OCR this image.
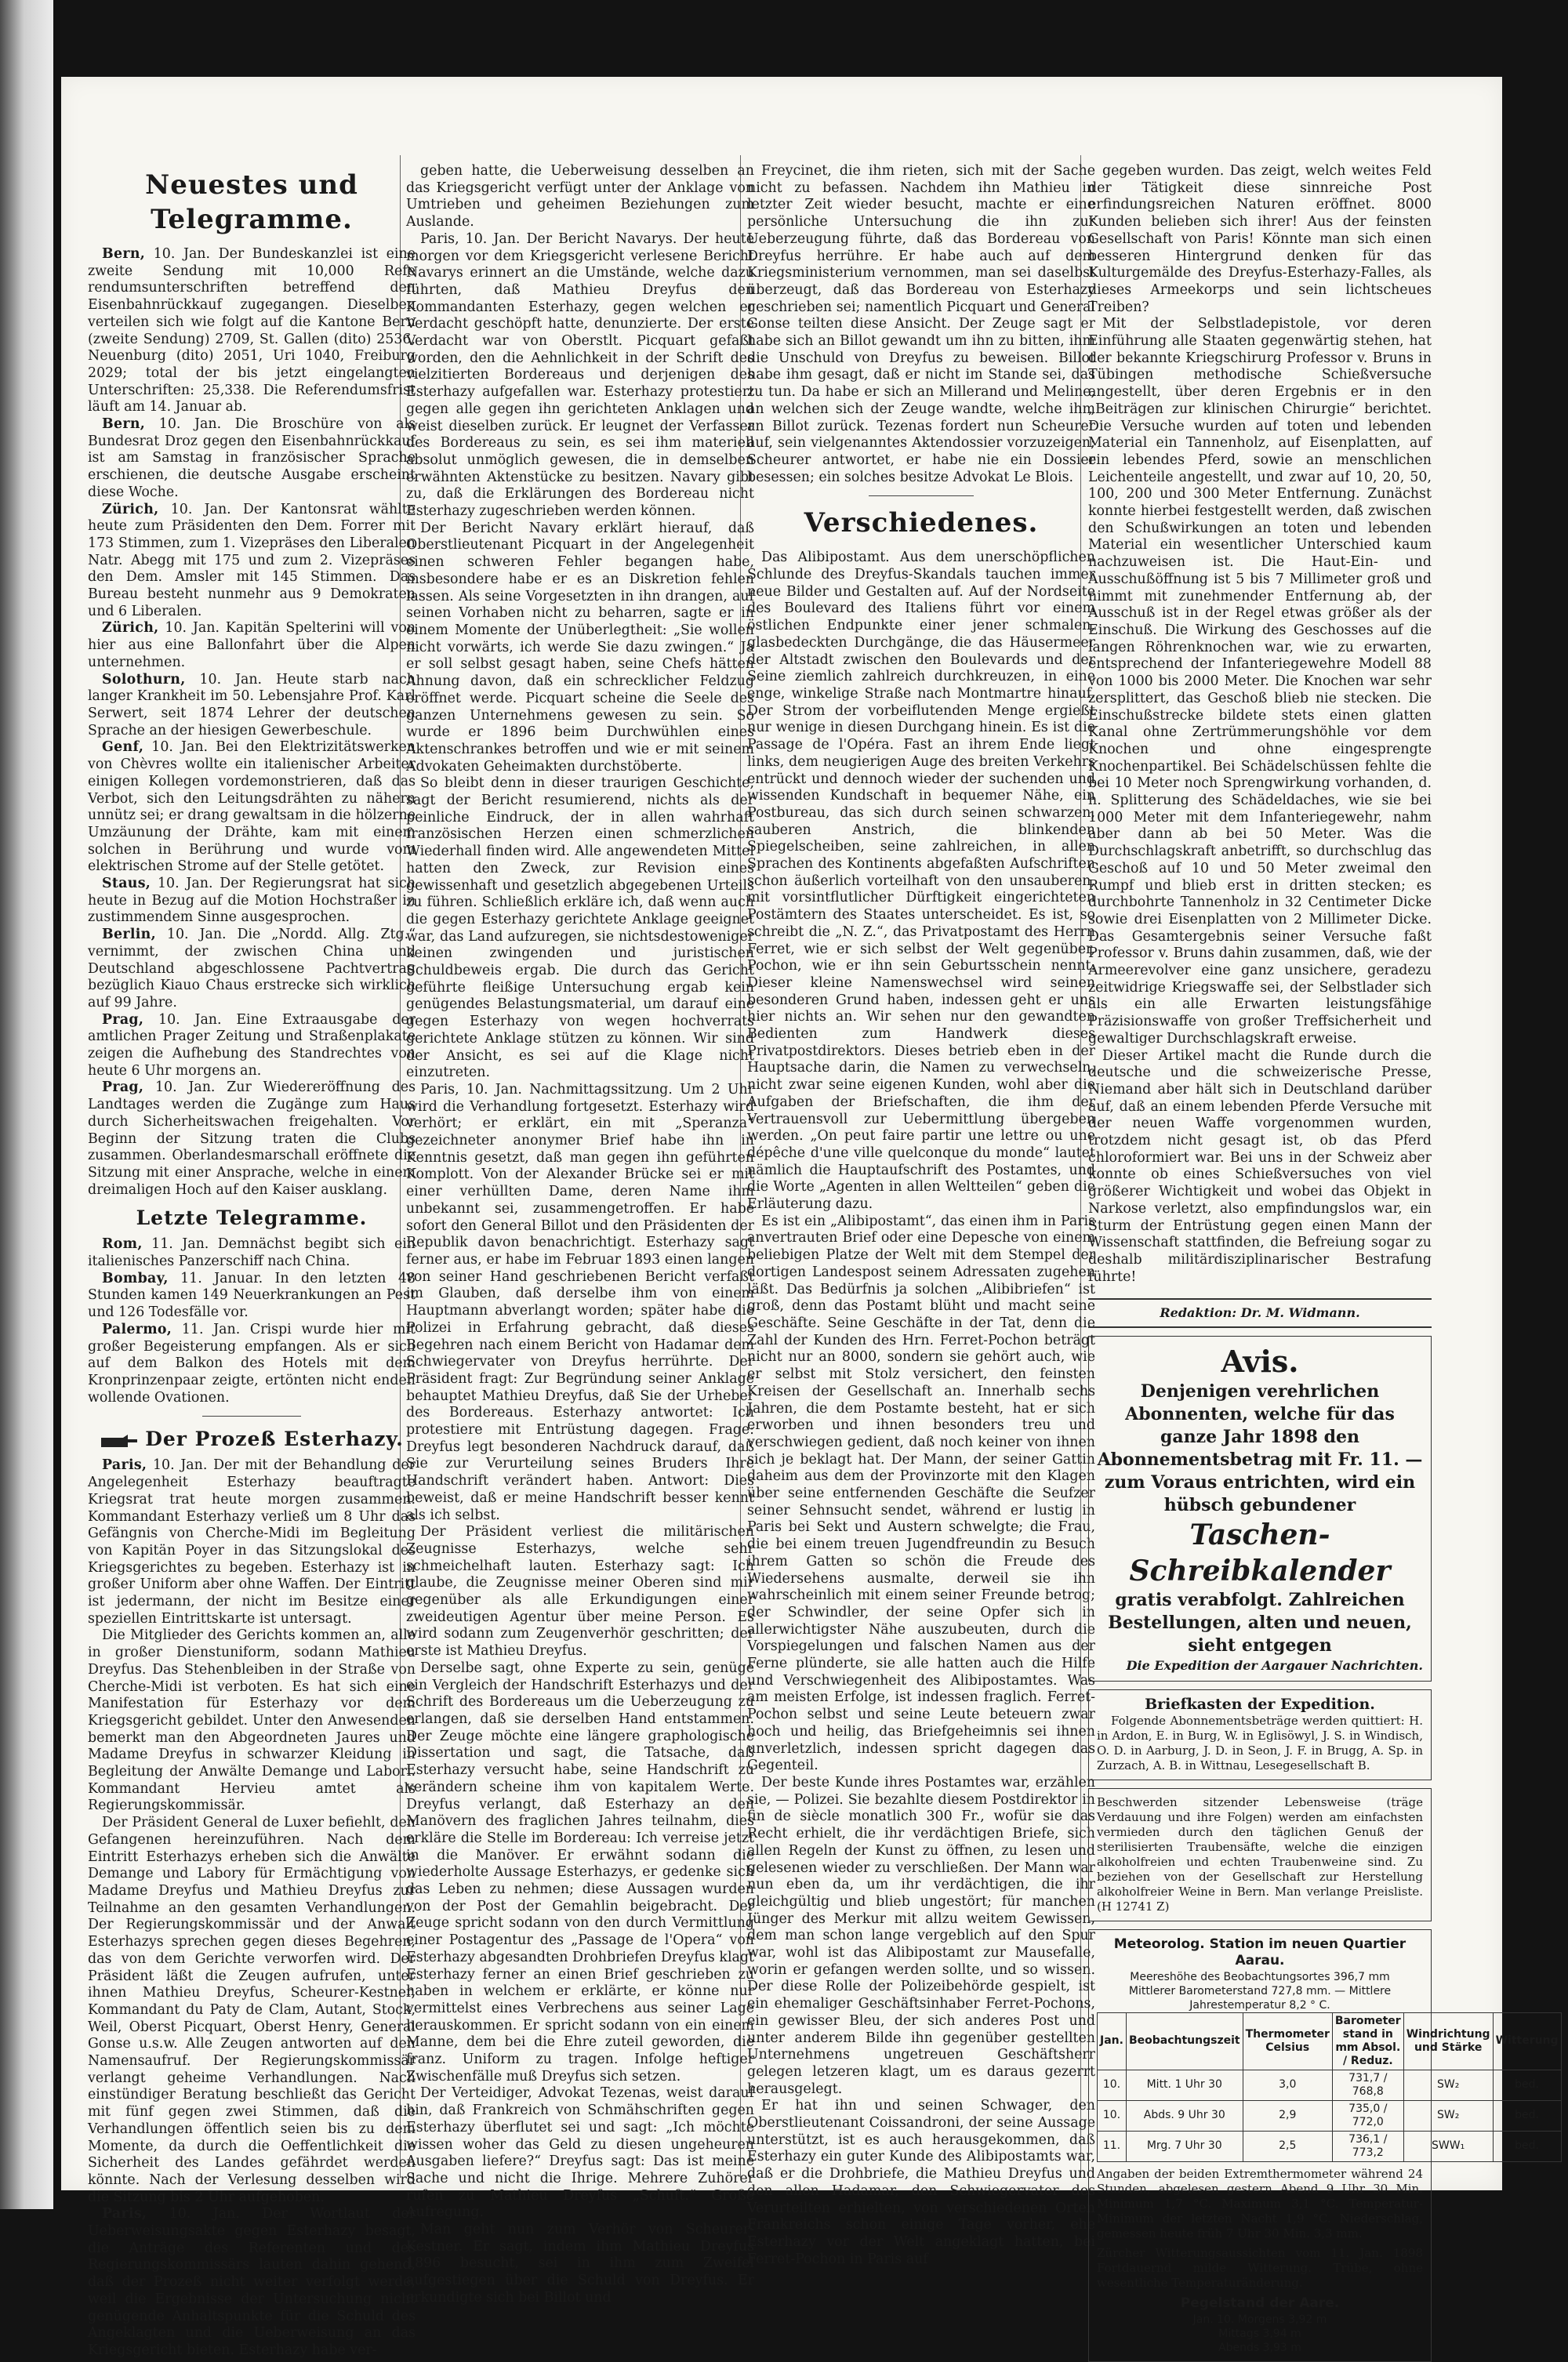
Neuestes und Telegramme.

Bern, 10. Jan. Der Bundeskanzlei ist eine zweite Sendung mit 10,000 Refe rendumsunterschriften betreffend den Eisenbahnrückkauf zugegangen. Dieselben verteilen sich wie folgt auf die Kantone Bern (zweite Sendung) 2709, St. Gallen (dito) 2536, Neuenburg (dito) 2051, Uri 1040, Freiburg 2029; total der bis jetzt eingelangten Unterschriften: 25,338. Die Referendumsfrist läuft am 14. Januar ab.

Bern, 10. Jan. Die Broschüre von als Bundesrat Droz gegen den Eisenbahnrückkauf ist am Samstag in französischer Sprache erschienen, die deutsche Ausgabe erscheint diese Woche.

Zürich, 10. Jan. Der Kantonsrat wählte heute zum Präsidenten den Dem. Forrer mit 173 Stimmen, zum 1. Vizepräses den Liberalen Natr. Abegg mit 175 und zum 2. Vizepräses den Dem. Amsler mit 145 Stimmen. Das Bureau besteht nunmehr aus 9 Demokraten und 6 Liberalen.

Zürich, 10. Jan. Kapitän Spelterini will von hier aus eine Ballonfahrt über die Alpen unternehmen.

Solothurn, 10. Jan. Heute starb nach langer Krankheit im 50. Lebensjahre Prof. Karl Serwert, seit 1874 Lehrer der deutschen Sprache an der hiesigen Gewerbeschule.

Genf, 10. Jan. Bei den Elektrizitätswerken von Chèvres wollte ein italienischer Arbeiter einigen Kollegen vordemonstrieren, daß das Verbot, sich den Leitungsdrähten zu nähern unnütz sei; er drang gewaltsam in die hölzerne Umzäunung der Drähte, kam mit einem solchen in Berührung und wurde vom elektrischen Strome auf der Stelle getötet.

Staus, 10. Jan. Der Regierungsrat hat sich heute in Bezug auf die Motion Hochstraßer in zustimmendem Sinne ausgesprochen.

Berlin, 10. Jan. Die „Nordd. Allg. Ztg.“ vernimmt, der zwischen China und Deutschland abgeschlossene Pachtvertrag bezüglich Kiauo Chaus erstrecke sich wirklich auf 99 Jahre.

Prag, 10. Jan. Eine Extraausgabe der amtlichen Prager Zeitung und Straßenplakate zeigen die Aufhebung des Standrechtes von heute 6 Uhr morgens an.

Prag, 10. Jan. Zur Wiedereröffnung des Landtages werden die Zugänge zum Haus durch Sicherheitswachen freigehalten. Vor Beginn der Sitzung traten die Clubs zusammen. Oberlandesmarschall eröffnete die Sitzung mit einer Ansprache, welche in einem dreimaligen Hoch auf den Kaiser ausklang.

Letzte Telegramme.

Rom, 11. Jan. Demnächst begibt sich ein italienisches Panzerschiff nach China.

Bombay, 11. Januar. In den letzten 48 Stunden kamen 149 Neuerkrankungen an Pest und 126 Todesfälle vor.

Palermo, 11. Jan. Crispi wurde hier mit großer Begeisterung empfangen. Als er sich auf dem Balkon des Hotels mit dem Kronprinzenpaar zeigte, ertönten nicht enden wollende Ovationen.

Der Prozeß Esterhazy.

Paris, 10. Jan. Der mit der Behandlung der Angelegenheit Esterhazy beauftragte Kriegsrat trat heute morgen zusammen. Kommandant Esterhazy verließ um 8 Uhr das Gefängnis von Cherche-Midi im Begleitung von Kapitän Poyer in das Sitzungslokal des Kriegsgerichtes zu begeben. Esterhazy ist in großer Uniform aber ohne Waffen. Der Eintritt ist jedermann, der nicht im Besitze einer speziellen Eintrittskarte ist untersagt.

Die Mitglieder des Gerichts kommen an, alle in großer Dienstuniform, sodann Mathieu Dreyfus. Das Stehenbleiben in der Straße von Cherche-Midi ist verboten. Es hat sich eine Manifestation für Esterhazy vor dem Kriegsgericht gebildet. Unter den Anwesenden bemerkt man den Abgeordneten Jaures und Madame Dreyfus in schwarzer Kleidung in Begleitung der Anwälte Demange und Labori. Kommandant Hervieu amtet als Regierungskommissär.

Der Präsident General de Luxer befiehlt, den Gefangenen hereinzuführen. Nach dem Eintritt Esterhazys erheben sich die Anwälte Demange und Labory für Ermächtigung von Madame Dreyfus und Mathieu Dreyfus zur Teilnahme an den gesamten Verhandlungen. Der Regierungskommissär und der Anwalt Esterhazys sprechen gegen dieses Begehren, das von dem Gerichte verworfen wird. Der Präsident läßt die Zeugen aufrufen, unter ihnen Mathieu Dreyfus, Scheurer-Kestner, Kommandant du Paty de Clam, Autant, Stock, Weil, Oberst Picquart, Oberst Henry, General Gonse u.s.w. Alle Zeugen antworten auf den Namensaufruf. Der Regierungskommissär verlangt geheime Verhandlungen. Nach einstündiger Beratung beschließt das Gericht mit fünf gegen zwei Stimmen, daß die Verhandlungen öffentlich seien bis zu dem Momente, da durch die Oeffentlichkeit die Sicherheit des Landes gefährdet werden könnte. Nach der Verlesung desselben wird die Sitzung bis 2 Uhr aufgehoben.

Paris, 10. Jan. Der Wortlaut der Ueberweisungsakte gegen Esterhazy besagt, die Anträge des Referenten und des Regierungskommissärs lauten dahin gehend, daß der Prozeß nicht weiter verfolgt werde, weil die Ergebnisse der Untersuchung nicht genügende Anhaltspunkte für die Schuld des Angeklagten und die Ueberweisung an das Kriegsgericht bieten. Esterhazy habe ver-

geben hatte, die Ueberweisung desselben an das Kriegsgericht verfügt unter der Anklage von Umtrieben und geheimen Beziehungen zum Auslande.

Paris, 10. Jan. Der Bericht Navarys. Der heute morgen vor dem Kriegsgericht verlesene Bericht Navarys erinnert an die Umstände, welche dazu führten, daß Mathieu Dreyfus den Kommandanten Esterhazy, gegen welchen er Verdacht geschöpft hatte, denunzierte. Der erste Verdacht war von Oberstlt. Picquart gefaßt worden, den die Aehnlichkeit in der Schrift des vielzitierten Bordereaus und derjenigen des Esterhazy aufgefallen war. Esterhazy protestiert gegen alle gegen ihn gerichteten Anklagen und weist dieselben zurück. Er leugnet der Verfasser des Bordereaus zu sein, es sei ihm materiell absolut unmöglich gewesen, die in demselben erwähnten Aktenstücke zu besitzen. Navary gibt zu, daß die Erklärungen des Bordereau nicht Esterhazy zugeschrieben werden können.

Der Bericht Navary erklärt hierauf, daß Oberstlieutenant Picquart in der Angelegenheit einen schweren Fehler begangen habe, insbesondere habe er es an Diskretion fehlen lassen. Als seine Vorgesetzten in ihn drangen, auf seinen Vorhaben nicht zu beharren, sagte er in einem Momente der Unüberlegtheit: „Sie wollen nicht vorwärts, ich werde Sie dazu zwingen.“ Ja er soll selbst gesagt haben, seine Chefs hätten Ahnung davon, daß ein schrecklicher Feldzug eröffnet werde. Picquart scheine die Seele des ganzen Unternehmens gewesen zu sein. So wurde er 1896 beim Durchwühlen eines Aktenschrankes betroffen und wie er mit seinem Advokaten Geheimakten durchstöberte.

So bleibt denn in dieser traurigen Geschichte, sagt der Bericht resumierend, nichts als der peinliche Eindruck, der in allen wahrhaft französischen Herzen einen schmerzlichen Wiederhall finden wird. Alle angewendeten Mittel hatten den Zweck, zur Revision eines gewissenhaft und gesetzlich abgegebenen Urteils zu führen. Schließlich erkläre ich, daß wenn auch die gegen Esterhazy gerichtete Anklage geeignet war, das Land aufzuregen, sie nichtsdestoweniger keinen zwingenden und juristischen Schuldbeweis ergab. Die durch das Gericht geführte fleißige Untersuchung ergab kein genügendes Belastungsmaterial, um darauf eine gegen Esterhazy von wegen hochverrats gerichtete Anklage stützen zu können. Wir sind der Ansicht, es sei auf die Klage nicht einzutreten.

Paris, 10. Jan. Nachmittagssitzung. Um 2 Uhr wird die Verhandlung fortgesetzt. Esterhazy wird verhört; er erklärt, ein mit „Speranza“ gezeichneter anonymer Brief habe ihn in Kenntnis gesetzt, daß man gegen ihn geführten Komplott. Von der Alexander Brücke sei er mit einer verhüllten Dame, deren Name ihm unbekannt sei, zusammengetroffen. Er habe sofort den General Billot und den Präsidenten der Republik davon benachrichtigt. Esterhazy sagt ferner aus, er habe im Februar 1893 einen langen von seiner Hand geschriebenen Bericht verfaßt im Glauben, daß derselbe ihm von einem Hauptmann abverlangt worden; später habe die Polizei in Erfahrung gebracht, daß dieses Begehren nach einem Bericht von Hadamar dem Schwiegervater von Dreyfus herrührte. Der Präsident fragt: Zur Begründung seiner Anklage behauptet Mathieu Dreyfus, daß Sie der Urheber des Bordereaus. Esterhazy antwortet: Ich protestiere mit Entrüstung dagegen. Frage: Dreyfus legt besonderen Nachdruck darauf, daß Sie zur Verurteilung seines Bruders Ihre Handschrift verändert haben. Antwort: Dies beweist, daß er meine Handschrift besser kennt als ich selbst.

Der Präsident verliest die militärischen Zeugnisse Esterhazys, welche sehr schmeichelhaft lauten. Esterhazy sagt: Ich glaube, die Zeugnisse meiner Oberen sind mir gegenüber als alle Erkundigungen einer zweideutigen Agentur über meine Person. Es wird sodann zum Zeugenverhör geschritten; der erste ist Mathieu Dreyfus.

Derselbe sagt, ohne Experte zu sein, genüge ein Vergleich der Handschrift Esterhazys und der Schrift des Bordereaus um die Ueberzeugung zu erlangen, daß sie derselben Hand entstammen. Der Zeuge möchte eine längere graphologische Dissertation und sagt, die Tatsache, daß Esterhazy versucht habe, seine Handschrift zu verändern scheine ihm von kapitalem Werte. Dreyfus verlangt, daß Esterhazy an den Manövern des fraglichen Jahres teilnahm, dies erkläre die Stelle im Bordereau: Ich verreise jetzt in die Manöver. Er erwähnt sodann die wiederholte Aussage Esterhazys, er gedenke sich das Leben zu nehmen; diese Aussagen wurden von der Post der Gemahlin beigebracht. Der Zeuge spricht sodann von den durch Vermittlung einer Postagentur des „Passage de l'Opera“ von Esterhazy abgesandten Drohbriefen Dreyfus klagt Esterhazy ferner an einen Brief geschrieben zu haben in welchem er erklärte, er könne nur vermittelst eines Verbrechens aus seiner Lage herauskommen. Er spricht sodann von ein einem Manne, dem bei die Ehre zuteil geworden, die franz. Uniform zu tragen. Infolge heftiger Zwischenfälle muß Dreyfus sich setzen.

Der Verteidiger, Advokat Tezenas, weist darauf hin, daß Frankreich von Schmähschriften gegen Esterhazy überflutet sei und sagt: „Ich möchte wissen woher das Geld zu diesen ungeheuren Ausgaben liefere?“ Dreyfus sagt: Das ist meine Sache und nicht die Ihrige. Mehrere Zuhörer rufen zu Mathieu Dreyfus „Schuft.“ Große Aufregung.

Man geht nun zum Verhör von Scheurer-Kestner. Er sagt, indem ihm Mathieu Dreyfus 1896 besucht, sei in ihm zum Zweifel aufgestiegen über die Schuld von Dreyfus. Er erkundigte sich bei Billot und

Freycinet, die ihm rieten, sich mit der Sache nicht zu befassen. Nachdem ihn Mathieu in letzter Zeit wieder besucht, machte er eine persönliche Untersuchung die ihn zur Ueberzeugung führte, daß das Bordereau von Dreyfus herrühre. Er habe auch auf dem Kriegsministerium vernommen, man sei daselbst überzeugt, daß das Bordereau von Esterhazy geschrieben sei; namentlich Picquart und General Gonse teilten diese Ansicht. Der Zeuge sagt er habe sich an Billot gewandt um ihn zu bitten, ihm die Unschuld von Dreyfus zu beweisen. Billot habe ihm gesagt, daß er nicht im Stande sei, das zu tun. Da habe er sich an Millerand und Meline, an welchen sich der Zeuge wandte, welche ihm an Billot zurück. Tezenas fordert nun Scheurer auf, sein vielgenanntes Aktendossier vorzuzeigen; Scheurer antwortet, er habe nie ein Dossier besessen; ein solches besitze Advokat Le Blois.

Verschiedenes.

Das Alibipostamt. Aus dem unerschöpflichen Schlunde des Dreyfus-Skandals tauchen immer neue Bilder und Gestalten auf. Auf der Nordseite des Boulevard des Italiens führt vor einem östlichen Endpunkte einer jener schmalen, glasbedeckten Durchgänge, die das Häusermeer der Altstadt zwischen den Boulevards und der Seine ziemlich zahlreich durchkreuzen, in eine enge, winkelige Straße nach Montmartre hinauf. Der Strom der vorbeiflutenden Menge ergießt nur wenige in diesen Durchgang hinein. Es ist die Passage de l'Opéra. Fast an ihrem Ende liegt links, dem neugierigen Auge des breiten Verkehrs entrückt und dennoch wieder der suchenden und wissenden Kundschaft in bequemer Nähe, ein Postbureau, das sich durch seinen schwarzen, sauberen Anstrich, die blinkenden Spiegelscheiben, seine zahlreichen, in allen Sprachen des Kontinents abgefaßten Aufschriften schon äußerlich vorteilhaft von den unsauberen, mit vorsintflutlicher Dürftigkeit eingerichteten Postämtern des Staates unterscheidet. Es ist, so schreibt die „N. Z.“, das Privatpostamt des Herrn Ferret, wie er sich selbst der Welt gegenüber, Pochon, wie er ihn sein Geburtsschein nennt. Dieser kleine Namenswechsel wird seinen besonderen Grund haben, indessen geht er uns hier nichts an. Wir sehen nur den gewandten Bedienten zum Handwerk dieses Privatpostdirektors. Dieses betrieb eben in der Hauptsache darin, die Namen zu verwechseln, nicht zwar seine eigenen Kunden, wohl aber die Aufgaben der Briefschaften, die ihm der Vertrauensvoll zur Uebermittlung übergeben werden. „On peut faire partir une lettre ou une dépêche d'une ville quelconque du monde“ lautet nämlich die Hauptaufschrift des Postamtes, und die Worte „Agenten in allen Weltteilen“ geben die Erläuterung dazu.

Es ist ein „Alibipostamt“, das einen ihm in Paris anvertrauten Brief oder eine Depesche von einem beliebigen Platze der Welt mit dem Stempel der dortigen Landespost seinem Adressaten zugehen läßt. Das Bedürfnis ja solchen „Alibibriefen“ ist groß, denn das Postamt blüht und macht seine Geschäfte. Seine Geschäfte in der Tat, denn die Zahl der Kunden des Hrn. Ferret-Pochon beträgt nicht nur an 8000, sondern sie gehört auch, wie er selbst mit Stolz versichert, den feinsten Kreisen der Gesellschaft an. Innerhalb sechs Jahren, die dem Postamte besteht, hat er sich erworben und ihnen besonders treu und verschwiegen gedient, daß noch keiner von ihnen sich je beklagt hat. Der Mann, der seiner Gattin daheim aus dem der Provinzorte mit den Klagen über seine entfernenden Geschäfte die Seufzer seiner Sehnsucht sendet, während er lustig in Paris bei Sekt und Austern schwelgte; die Frau, die bei einem treuen Jugendfreundin zu Besuch ihrem Gatten so schön die Freude des Wiedersehens ausmalte, derweil sie ihn wahrscheinlich mit einem seiner Freunde betrog; der Schwindler, der seine Opfer sich in allerwichtigster Nähe auszubeuten, durch die Vorspiegelungen und falschen Namen aus der Ferne plünderte, sie alle hatten auch die Hilfe und Verschwiegenheit des Alibipostamtes. Was am meisten Erfolge, ist indessen fraglich. Ferret-Pochon selbst und seine Leute beteuern zwar hoch und heilig, das Briefgeheimnis sei ihnen unverletzlich, indessen spricht dagegen das Gegenteil.

Der beste Kunde ihres Postamtes war, erzählen sie, — Polizei. Sie bezahlte diesem Postdirektor in fin de siècle monatlich 300 Fr., wofür sie das Recht erhielt, die ihr verdächtigen Briefe, sich allen Regeln der Kunst zu öffnen, zu lesen und gelesenen wieder zu verschließen. Der Mann war nun eben da, um ihr verdächtigen, die ihr gleichgültig und blieb ungestört; für manchen Jünger des Merkur mit allzu weitem Gewissen, dem man schon lange vergeblich auf den Spur war, wohl ist das Alibipostamt zur Mausefalle, worin er gefangen werden sollte, und so wissen. Der diese Rolle der Polizeibehörde gespielt, ist ein ehemaliger Geschäftsinhaber Ferret-Pochons, ein gewisser Bleu, der sich anderes Post und unter anderem Bilde ihn gegenüber gestellten Unternehmens ungetreuen Geschäftsherr gelegen letzeren klagt, um es daraus gezerrt herausgelegt.

Er hat ihn und seinen Schwager, den Oberstlieutenant Coissandroni, der seine Aussage unterstützt, ist es auch herausgekommen, daß Esterhazy ein guter Kunde des Alibipostamts war, daß er die Drohbriefe, die Mathieu Dreyfus und den allen Hadamar, den Schwiegervater des Verurteilten erhielten, von verschiedenen Orten Frankreichs schon einige Tage vorher, ehe Esterhazy vor der Welt angeklagt hatten, bei Ferret-Pochon in Paris auf

gegeben wurden. Das zeigt, welch weites Feld der Tätigkeit diese sinnreiche Post erfindungsreichen Naturen eröffnet. 8000 Kunden belieben sich ihrer! Aus der feinsten Gesellschaft von Paris! Könnte man sich einen besseren Hintergrund denken für das Kulturgemälde des Dreyfus-Esterhazy-Falles, als dieses Armeekorps und sein lichtscheues Treiben?

Mit der Selbstladepistole, vor deren Einführung alle Staaten gegenwärtig stehen, hat der bekannte Kriegschirurg Professor v. Bruns in Tübingen methodische Schießversuche angestellt, über deren Ergebnis er in den „Beiträgen zur klinischen Chirurgie“ berichtet. Die Versuche wurden auf toten und lebenden Material ein Tannenholz, auf Eisenplatten, auf ein lebendes Pferd, sowie an menschlichen Leichenteile angestellt, und zwar auf 10, 20, 50, 100, 200 und 300 Meter Entfernung. Zunächst konnte hierbei festgestellt werden, daß zwischen den Schußwirkungen an toten und lebenden Material ein wesentlicher Unterschied kaum nachzuweisen ist. Die Haut-Ein- und Ausschußöffnung ist 5 bis 7 Millimeter groß und nimmt mit zunehmender Entfernung ab, der Ausschuß ist in der Regel etwas größer als der Einschuß. Die Wirkung des Geschosses auf die langen Röhrenknochen war, wie zu erwarten, entsprechend der Infanteriegewehre Modell 88 von 1000 bis 2000 Meter. Die Knochen war sehr zersplittert, das Geschoß blieb nie stecken. Die Einschußstrecke bildete stets einen glatten Kanal ohne Zertrümmerungshöhle vor dem Knochen und ohne eingesprengte Knochenpartikel. Bei Schädelschüssen fehlte die bei 10 Meter noch Sprengwirkung vorhanden, d. h. Splitterung des Schädeldaches, wie sie bei 1000 Meter mit dem Infanteriegewehr, nahm aber dann ab bei 50 Meter. Was die Durchschlagskraft anbetrifft, so durchschlug das Geschoß auf 10 und 50 Meter zweimal den Rumpf und blieb erst in dritten stecken; es durchbohrte Tannenholz in 32 Centimeter Dicke sowie drei Eisenplatten von 2 Millimeter Dicke. Das Gesamtergebnis seiner Versuche faßt Professor v. Bruns dahin zusammen, daß, wie der Armeerevolver eine ganz unsichere, geradezu zeitwidrige Kriegswaffe sei, der Selbstlader sich als ein alle Erwarten leistungsfähige Präzisionswaffe von großer Treffsicherheit und gewaltiger Durchschlagskraft erweise.

Dieser Artikel macht die Runde durch die deutsche und die schweizerische Presse, Niemand aber hält sich in Deutschland darüber auf, daß an einem lebenden Pferde Versuche mit der neuen Waffe vorgenommen wurden, trotzdem nicht gesagt ist, ob das Pferd chloroformiert war. Bei uns in der Schweiz aber konnte ob eines Schießversuches von viel größerer Wichtigkeit und wobei das Objekt in Narkose verletzt, also empfindungslos war, ein Sturm der Entrüstung gegen einen Mann der Wissenschaft stattfinden, die Befreiung sogar zu deshalb militärdisziplinarischer Bestrafung führte!

Redaktion: Dr. M. Widmann.
Avis.
Denjenigen verehrlichen Abonnenten, welche für das ganze Jahr 1898 den Abonnementsbetrag mit Fr. 11. — zum Voraus entrichten, wird ein hübsch gebundener
Taschen-Schreibkalender
gratis verabfolgt. Zahlreichen Bestellungen, alten und neuen, sieht entgegen
Die Expedition der Aargauer Nachrichten.
Briefkasten der Expedition.

Folgende Abonnementsbeträge werden quittiert: H. in Ardon, E. in Burg, W. in Eglisöwyl, J. S. in Windisch, O. D. in Aarburg, J. D. in Seon, J. F. in Brugg, A. Sp. in Zurzach, A. B. in Wittnau, Lesegesellschaft B.

Beschwerden sitzender Lebensweise (träge Verdauung und ihre Folgen) werden am einfachsten vermieden durch den täglichen Genuß der sterilisierten Traubensäfte, welche die einzigen alkoholfreien und echten Traubenweine sind. Zu beziehen von der Gesellschaft zur Herstellung alkoholfreier Weine in Bern. Man verlange Preisliste. (H 12741 Z)
Meteorolog. Station im neuen Quartier
Aarau.
Meereshöhe des Beobachtungsortes 396,7 mm
Mittlerer Barometerstand 727,8 mm. — Mittlere Jahrestemperatur 8,2 ° C.
Jan.	Beobachtungszeit	Thermometer Celsius	Barometer stand in mm Absol. / Reduz.	Windrichtung und Stärke	Witterung
10.	Mitt. 1 Uhr 30	3,0	731,7 / 768,8	SW₂	bed.
10.	Abds. 9 Uhr 30	2,9	735,0 / 772,0	SW₂	bed.
11.	Mrg. 7 Uhr 30	2,5	736,1 / 773,2	SWW₁	bed.

Angaben der beiden Extremthermometer während 24 Stunden, abgelesen gestern Abend 9 Uhr 30 Min. Minimum 1,7 °C. Maximum 3,1 °C. Temperatur-Minimum der letzten Nacht 1,9 °C. Niederschlag, gemessen heute früh 7 Uhr 30 Min. 3,3 mm.

Zürcher Witterungsaussichten vom 11. Jan. 1898 Fortdauernd milde Witterung. Trübe, ohne wesentliche Temperaturänderung.

Pegelstand der Aare.
Jan. 10. Morgens 3,92 m
Mittags 3,94 m
Abends 3,93 m
